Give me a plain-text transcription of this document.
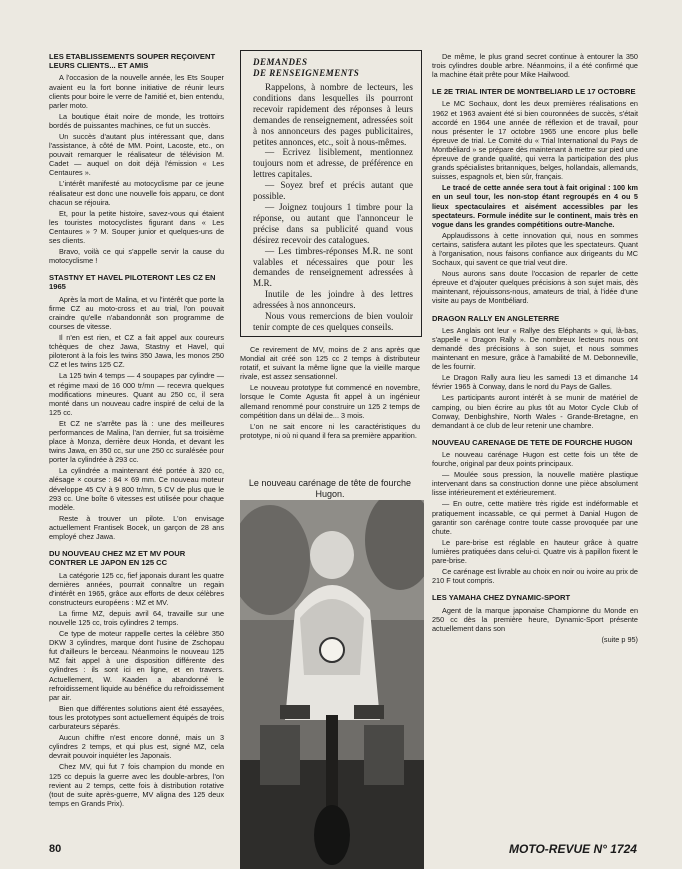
LES ETABLISSEMENTS SOUPER REÇOIVENT LEURS CLIENTS... ET AMIS

A l'occasion de la nouvelle année, les Ets Souper avaient eu la fort bonne initiative de réunir leurs clients pour boire le verre de l'amitié et, bien entendu, parler moto.

La boutique était noire de monde, les trottoirs bordés de puissantes machines, ce fut un succès.

Un succès d'autant plus intéressant que, dans l'assistance, à côté de MM. Point, Lacoste, etc., on pouvait remarquer le réalisateur de télévision M. Cadet — auquel on doit déjà l'émission « Les Centaures ».

L'intérêt manifesté au motocyclisme par ce jeune réalisateur est donc une nouvelle fois apparu, ce dont chacun se réjouira.

Et, pour la petite histoire, savez-vous qui étaient les touristes motocyclistes figurant dans « Les Centaures » ? M. Souper junior et quelques-uns de ses clients.

Bravo, voilà ce qui s'appelle servir la cause du motocyclisme !

STASTNY ET HAVEL PILOTERONT LES CZ EN 1965

Après la mort de Malina, et vu l'intérêt que porte la firme CZ au moto-cross et au trial, l'on pouvait craindre qu'elle n'abandonnât son programme de courses de vitesse.

Il n'en est rien, et CZ a fait appel aux coureurs tchèques de chez Jawa, Stastny et Havel, qui piloteront à la fois les twins 350 Jawa, les monos 250 CZ et les twins 125 CZ.

La 125 twin 4 temps — 4 soupapes par cylindre — et régime maxi de 16 000 tr/mn — recevra quelques modifications mineures. Quant au 250 cc, il sera monté dans un nouveau cadre inspiré de celui de la 125 cc.

Et CZ ne s'arrête pas là : une des meilleures performances de Malina, l'an dernier, fut sa troisième place à Monza, derrière deux Honda, et devant les twins Jawa, en 350 cc, sur une 250 cc suralésée pour porter la cylindrée à 293 cc.

La cylindrée a maintenant été portée à 320 cc, alésage × course : 84 × 69 mm. Ce nouveau moteur développe 45 CV à 9 800 tr/mn, 5 CV de plus que le 293 cc. Une boîte 6 vitesses est utilisée pour chaque modèle.

Reste à trouver un pilote. L'on envisage actuellement Frantisek Bocek, un garçon de 28 ans employé chez Jawa.

DU NOUVEAU CHEZ MZ ET MV POUR CONTRER LE JAPON EN 125 CC

La catégorie 125 cc, fief japonais durant les quatre dernières années, pourrait connaître un regain d'intérêt en 1965, grâce aux efforts de deux célèbres constructeurs européens : MZ et MV.

La firme MZ, depuis avril 64, travaille sur une nouvelle 125 cc, trois cylindres 2 temps.

Ce type de moteur rappelle certes la célèbre 350 DKW 3 cylindres, marque dont l'usine de Zschopau fut d'ailleurs le berceau. Néanmoins le nouveau 125 MZ fait appel à une disposition différente des cylindres : ils sont ici en ligne, et en travers. Actuellement, W. Kaaden a abandonné le refroidissement liquide au bénéfice du refroidissement par air.

Bien que différentes solutions aient été essayées, tous les prototypes sont actuellement équipés de trois carburateurs séparés.

Aucun chiffre n'est encore donné, mais un 3 cylindres 2 temps, et qui plus est, signé MZ, cela devrait pouvoir inquiéter les Japonais.

Chez MV, qui fut 7 fois champion du monde en 125 cc depuis la guerre avec les double-arbres, l'on revient au 2 temps, cette fois à distribution rotative (tout de suite après-guerre, MV aligna des 125 deux temps en Grands Prix).

DEMANDES
DE RENSEIGNEMENTS

Rappelons, à nombre de lecteurs, les conditions dans lesquelles ils pourront recevoir rapidement des réponses à leurs demandes de renseignement, adressées soit à nos annonceurs des pages publicitaires, petites annonces, etc., soit à nous-mêmes.

— Ecrivez lisiblement, mentionnez toujours nom et adresse, de préférence en lettres capitales.

— Soyez bref et précis autant que possible.

— Joignez toujours 1 timbre pour la réponse, ou autant que l'annonceur le précise dans sa publicité quand vous désirez recevoir des catalogues.

— Les timbres-réponses M.R. ne sont valables et nécessaires que pour les demandes de renseignement adressées à M.R.

Inutile de les joindre à des lettres adressées à nos annonceurs.

Nous vous remercions de bien vouloir tenir compte de ces quelques conseils.

Ce revirement de MV, moins de 2 ans après que Mondial ait créé son 125 cc 2 temps à distributeur rotatif, et suivant la même ligne que la vieille marque rivale, est assez sensationnel.

Le nouveau prototype fut commencé en novembre, lorsque le Comte Agusta fit appel à un ingénieur allemand renommé pour construire un 125 2 temps de compétition dans un délai de... 3 mois.

L'on ne sait encore ni les caractéristiques du prototype, ni où ni quand il fera sa première apparition.

Le nouveau carénage de tête de fourche Hugon.

De même, le plus grand secret continue à entourer la 350 trois cylindres double arbre. Néanmoins, il a été confirmé que la machine était prête pour Mike Hailwood.

LE 2E TRIAL INTER DE MONTBELIARD LE 17 OCTOBRE

Le MC Sochaux, dont les deux premières réalisations en 1962 et 1963 avaient été si bien couronnées de succès, s'était accordé en 1964 une année de réflexion et de travail, pour nous présenter le 17 octobre 1965 une encore plus belle épreuve de trial. Le Comité du « Trial International du Pays de Montbéliard » se prépare dès maintenant à mettre sur pied une épreuve de grande qualité, qui verra la participation des plus grands spécialistes britanniques, belges, hollandais, allemands, suisses, espagnols et, bien sûr, français.

Le tracé de cette année sera tout à fait original : 100 km en un seul tour, les non-stop étant regroupés en 4 ou 5 lieux spectaculaires et aisément accessibles par les spectateurs. Formule inédite sur le continent, mais très en vogue dans les grandes compétitions outre-Manche.

Applaudissons à cette innovation qui, nous en sommes certains, satisfera autant les pilotes que les spectateurs. Quant à l'organisation, nous faisons confiance aux dirigeants du MC Sochaux, qui savent ce que trial veut dire.

Nous aurons sans doute l'occasion de reparler de cette épreuve et d'ajouter quelques précisions à son sujet mais, dès maintenant, réjouissons-nous, amateurs de trial, à l'idée d'une visite au pays de Montbéliard.

DRAGON RALLY EN ANGLETERRE

Les Anglais ont leur « Rallye des Eléphants » qui, là-bas, s'appelle « Dragon Rally ». De nombreux lecteurs nous ont demandé des précisions à son sujet, et nous sommes maintenant en mesure, grâce à l'amabilité de M. Debonneville, de les fournir.

Le Dragon Rally aura lieu les samedi 13 et dimanche 14 février 1965 à Conway, dans le nord du Pays de Galles.

Les participants auront intérêt à se munir de matériel de camping, ou bien écrire au plus tôt au Motor Cycle Club of Conway, Denbighshire, North Wales - Grande-Bretagne, en demandant à ce club de leur retenir une chambre.

NOUVEAU CARENAGE DE TETE DE FOURCHE HUGON

Le nouveau carénage Hugon est cette fois un tête de fourche, original par deux points principaux.

— Moulée sous pression, la nouvelle matière plastique intervenant dans sa construction donne une pièce absolument lisse intérieurement et extérieurement.

— En outre, cette matière très rigide est indéformable et pratiquement incassable, ce qui permet à Danial Hugon de garantir son carénage contre toute casse provoquée par une chute.

Le pare-brise est réglable en hauteur grâce à quatre lumières pratiquées dans celui-ci. Quatre vis à papillon fixent le pare-brise.

Ce carénage est livrable au choix en noir ou ivoire au prix de 210 F tout compris.

LES YAMAHA CHEZ DYNAMIC-SPORT

Agent de la marque japonaise Championne du Monde en 250 cc dès la première heure, Dynamic-Sport présente actuellement dans son

(suite p 95)

80	MOTO-REVUE N° 1724
